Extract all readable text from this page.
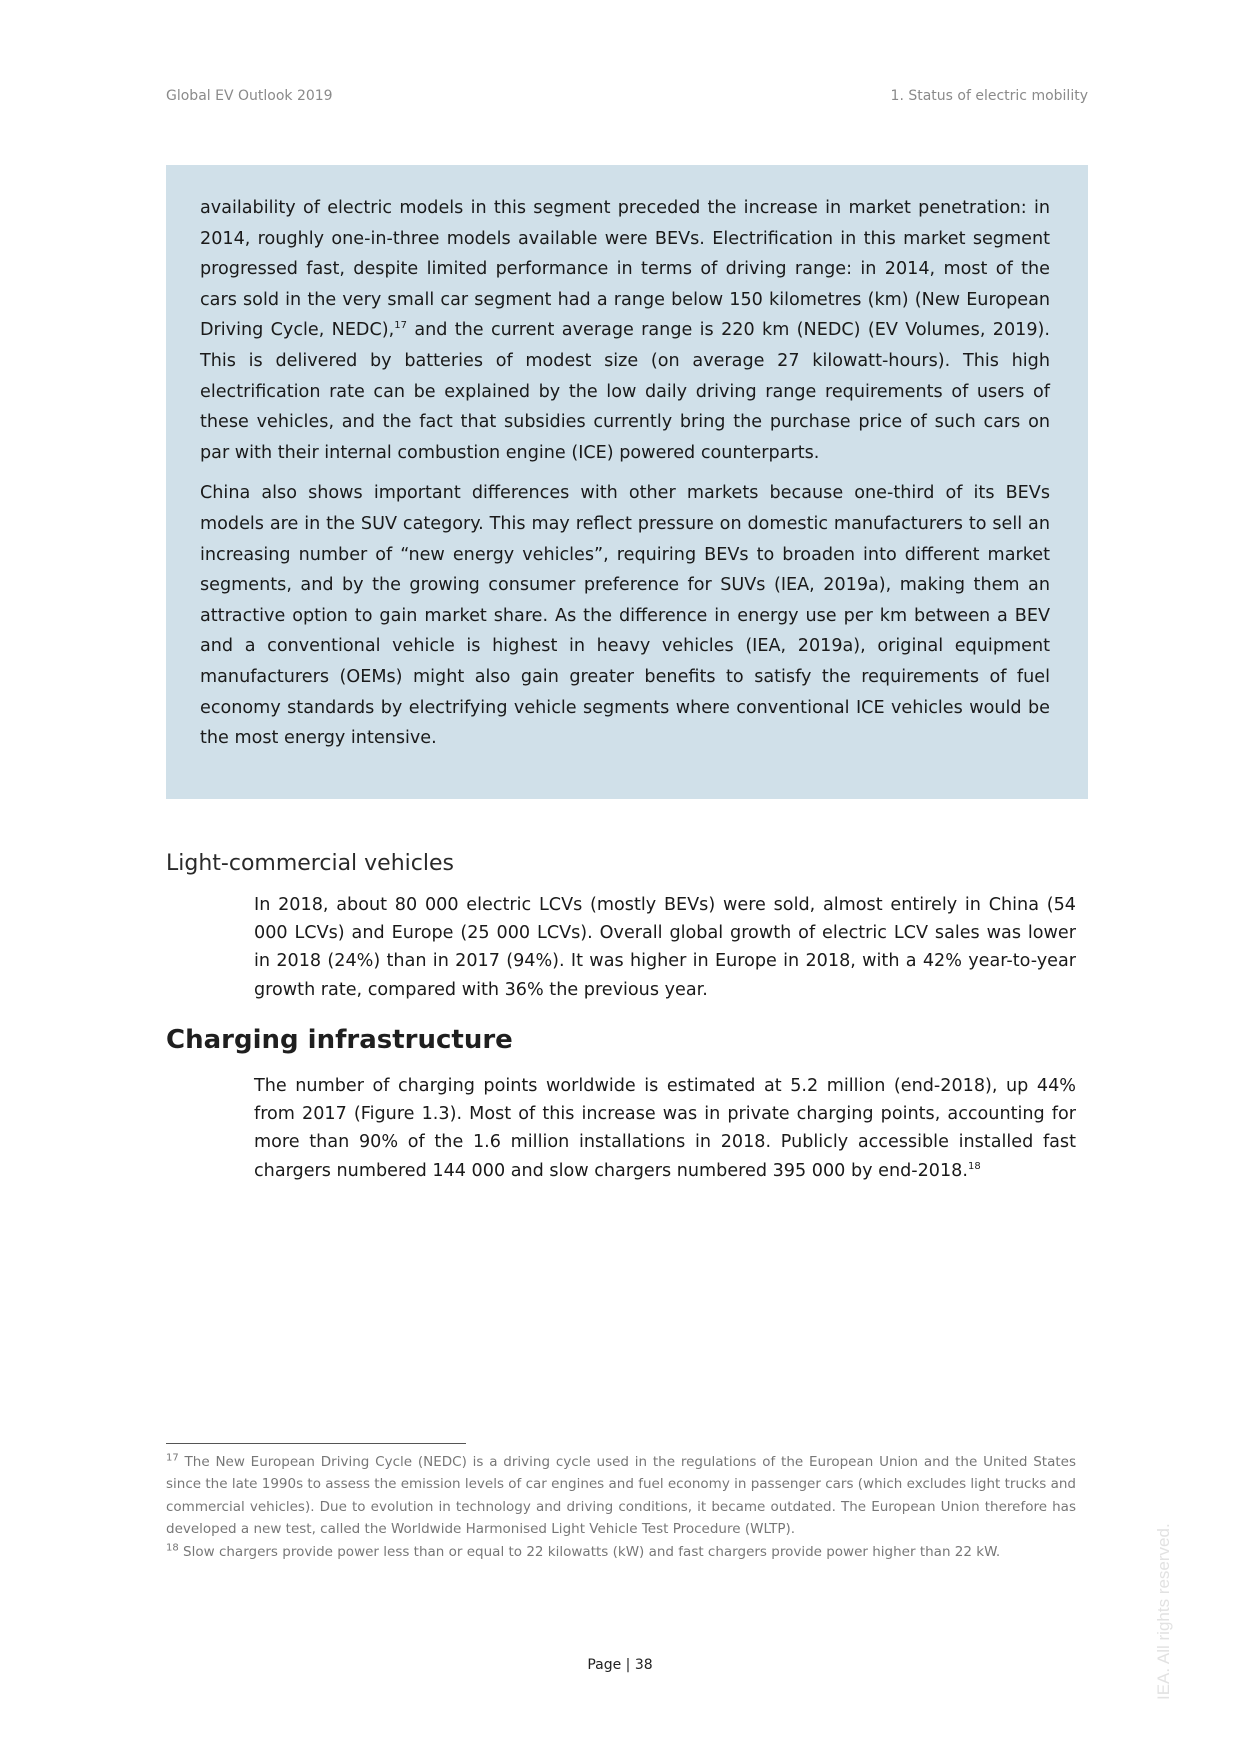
Global EV Outlook 2019	1. Status of electric mobility

availability of electric models in this segment preceded the increase in market penetration: in 2014, roughly one-in-three models available were BEVs. Electrification in this market segment progressed fast, despite limited performance in terms of driving range: in 2014, most of the cars sold in the very small car segment had a range below 150 kilometres (km) (New European Driving Cycle, NEDC),$^{17}$ and the current average range is 220 km (NEDC) (EV Volumes, 2019). This is delivered by batteries of modest size (on average 27 kilowatt-hours). This high electrification rate can be explained by the low daily driving range requirements of users of these vehicles, and the fact that subsidies currently bring the purchase price of such cars on par with their internal combustion engine (ICE) powered counterparts.

China also shows important differences with other markets because one-third of its BEVs models are in the SUV category. This may reflect pressure on domestic manufacturers to sell an increasing number of “new energy vehicles”, requiring BEVs to broaden into different market segments, and by the growing consumer preference for SUVs (IEA, 2019a), making them an attractive option to gain market share. As the difference in energy use per km between a BEV and a conventional vehicle is highest in heavy vehicles (IEA, 2019a), original equipment manufacturers (OEMs) might also gain greater benefits to satisfy the requirements of fuel economy standards by electrifying vehicle segments where conventional ICE vehicles would be the most energy intensive.

Light-commercial vehicles

In 2018, about 80 000 electric LCVs (mostly BEVs) were sold, almost entirely in China (54 000 LCVs) and Europe (25 000 LCVs). Overall global growth of electric LCV sales was lower in 2018 (24%) than in 2017 (94%). It was higher in Europe in 2018, with a 42% year-to-year growth rate, compared with 36% the previous year.

Charging infrastructure

The number of charging points worldwide is estimated at 5.2 million (end-2018), up 44% from 2017 (Figure 1.3). Most of this increase was in private charging points, accounting for more than 90% of the 1.6 million installations in 2018. Publicly accessible installed fast chargers numbered 144 000 and slow chargers numbered 395 000 by end-2018.18

$^{17}$ The New European Driving Cycle (NEDC) is a driving cycle used in the regulations of the European Union and the United States since the late 1990s to assess the emission levels of car engines and fuel economy in passenger cars (which excludes light trucks and commercial vehicles). Due to evolution in technology and driving conditions, it became outdated. The European Union therefore has developed a new test, called the Worldwide Harmonised Light Vehicle Test Procedure (WLTP).

$^{18}$ Slow chargers provide power less than or equal to 22 kilowatts (kW) and fast chargers provide power higher than 22 kW.

Page | 38	IEA. All rights reserved.
